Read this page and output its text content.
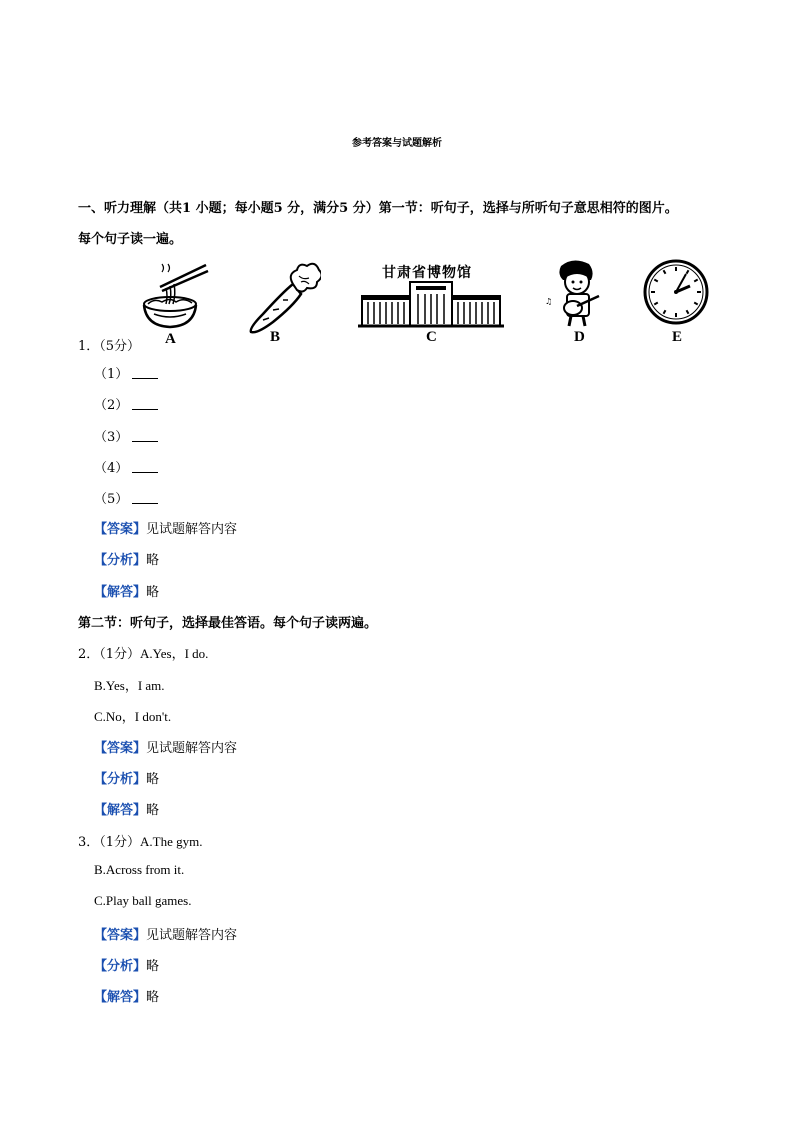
参考答案与试题解析
一、听力理解（共1 小题；每小题5 分，满分5 分）第一节：听句子，选择与所听句子意思相符的图片。
每个句子读一遍。
A	B
甘肃省博物馆
C
♫
D	E
1．（5分）
（1）
（2）
（3）
（4）
（5）
【答案】见试题解答内容
【分析】略
【解答】略
第二节：听句子，选择最佳答语。每个句子读两遍。
2．（1分）A.Yes，I do.
B.Yes，I am.
C.No，I don't.
【答案】见试题解答内容
【分析】略
【解答】略
3．（1分）A.The gym.
B.Across from it.
C.Play ball games.
【答案】见试题解答内容
【分析】略
【解答】略
